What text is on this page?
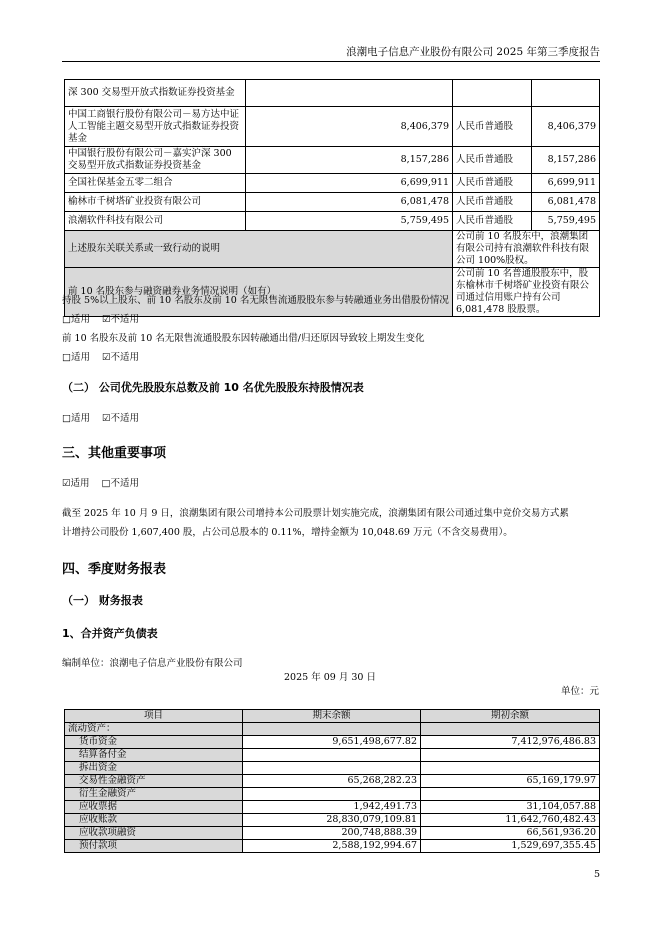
浪潮电子信息产业股份有限公司 2025 年第三季度报告
深 300 交易型开放式指数证券投资基金			
中国工商银行股份有限公司－易方达中证人工智能主题交易型开放式指数证券投资基金	8,406,379	人民币普通股	8,406,379
中国银行股份有限公司－嘉实沪深 300 交易型开放式指数证券投资基金	8,157,286	人民币普通股	8,157,286
全国社保基金五零二组合	6,699,911	人民币普通股	6,699,911
榆林市千树塔矿业投资有限公司	6,081,478	人民币普通股	6,081,478
浪潮软件科技有限公司	5,759,495	人民币普通股	5,759,495
上述股东关联关系或一致行动的说明		公司前 10 名股东中，浪潮集团有限公司持有浪潮软件科技有限公司 100%股权。	
前 10 名股东参与融资融券业务情况说明（如有）		公司前 10 名普通股股东中，股东榆林市千树塔矿业投资有限公司通过信用账户持有公司 6,081,478 股股票。	
持股 5%以上股东、前 10 名股东及前 10 名无限售流通股股东参与转融通业务出借股份情况
□适用 ☑不适用
前 10 名股东及前 10 名无限售流通股股东因转融通出借/归还原因导致较上期发生变化
□适用 ☑不适用
（二） 公司优先股股东总数及前 10 名优先股股东持股情况表
□适用 ☑不适用
三、其他重要事项
☑适用 □不适用
截至 2025 年 10 月 9 日，浪潮集团有限公司增持本公司股票计划实施完成，浪潮集团有限公司通过集中竞价交易方式累
计增持公司股份 1,607,400 股，占公司总股本的 0.11%，增持金额为 10,048.69 万元（不含交易费用）。
四、季度财务报表
（一） 财务报表
1、合并资产负债表
编制单位：浪潮电子信息产业股份有限公司
2025 年 09 月 30 日
单位：元
项目	期末余额	期初余额
流动资产：		
货币资金	9,651,498,677.82	7,412,976,486.83
结算备付金		
拆出资金		
交易性金融资产	65,268,282.23	65,169,179.97
衍生金融资产		
应收票据	1,942,491.73	31,104,057.88
应收账款	28,830,079,109.81	11,642,760,482.43
应收款项融资	200,748,888.39	66,561,936.20
预付款项	2,588,192,994.67	1,529,697,355.45
5
